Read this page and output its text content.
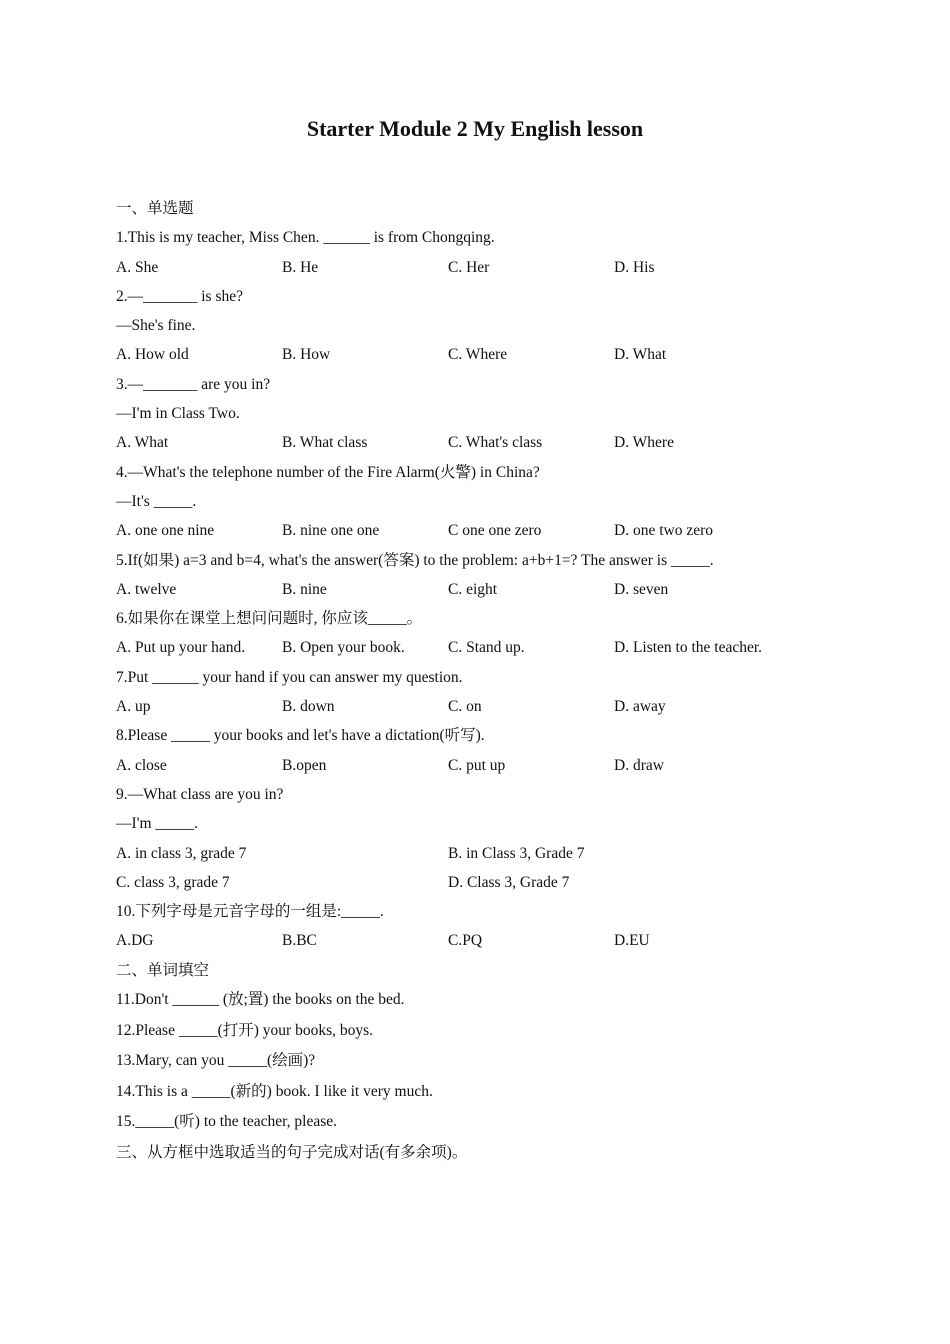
Starter Module 2 My English lesson
一、单选题
1.This is my teacher, Miss Chen. ______ is from Chongqing.
A. She	B. He	C. Her	D. His
2.—_______ is she?
—She's fine.
A. How old	B. How	C. Where	D. What
3.—_______ are you in?
—I'm in Class Two.
A. What	B. What class	C. What's class	D. Where
4.—What's the telephone number of the Fire Alarm(火警) in China?
—It's _____.
A. one one nine	B. nine one one	C one one zero	D. one two zero
5.If(如果) a=3 and b=4, what's the answer(答案) to the problem: a+b+1=? The answer is _____.
A. twelve	B. nine	C. eight	D. seven
6.如果你在课堂上想问问题时, 你应该_____。
A. Put up your hand.	B. Open your book.	C. Stand up.	D. Listen to the teacher.
7.Put ______ your hand if you can answer my question.
A. up	B. down	C. on	D. away
8.Please _____ your books and let's have a dictation(听写).
A. close	B.open	C. put up	D. draw
9.—What class are you in?
—I'm _____.
A. in class 3, grade 7	B. in Class 3, Grade 7
C. class 3, grade 7	D. Class 3, Grade 7
10.下列字母是元音字母的一组是:_____.
A.DG	B.BC	C.PQ	D.EU
二、单词填空
11.Don't ______ (放;置) the books on the bed.
12.Please _____(打开) your books, boys.
13.Mary, can you _____(绘画)?
14.This is a _____(新的) book. I like it very much.
15._____(听) to the teacher, please.
三、从方框中选取适当的句子完成对话(有多余项)。
